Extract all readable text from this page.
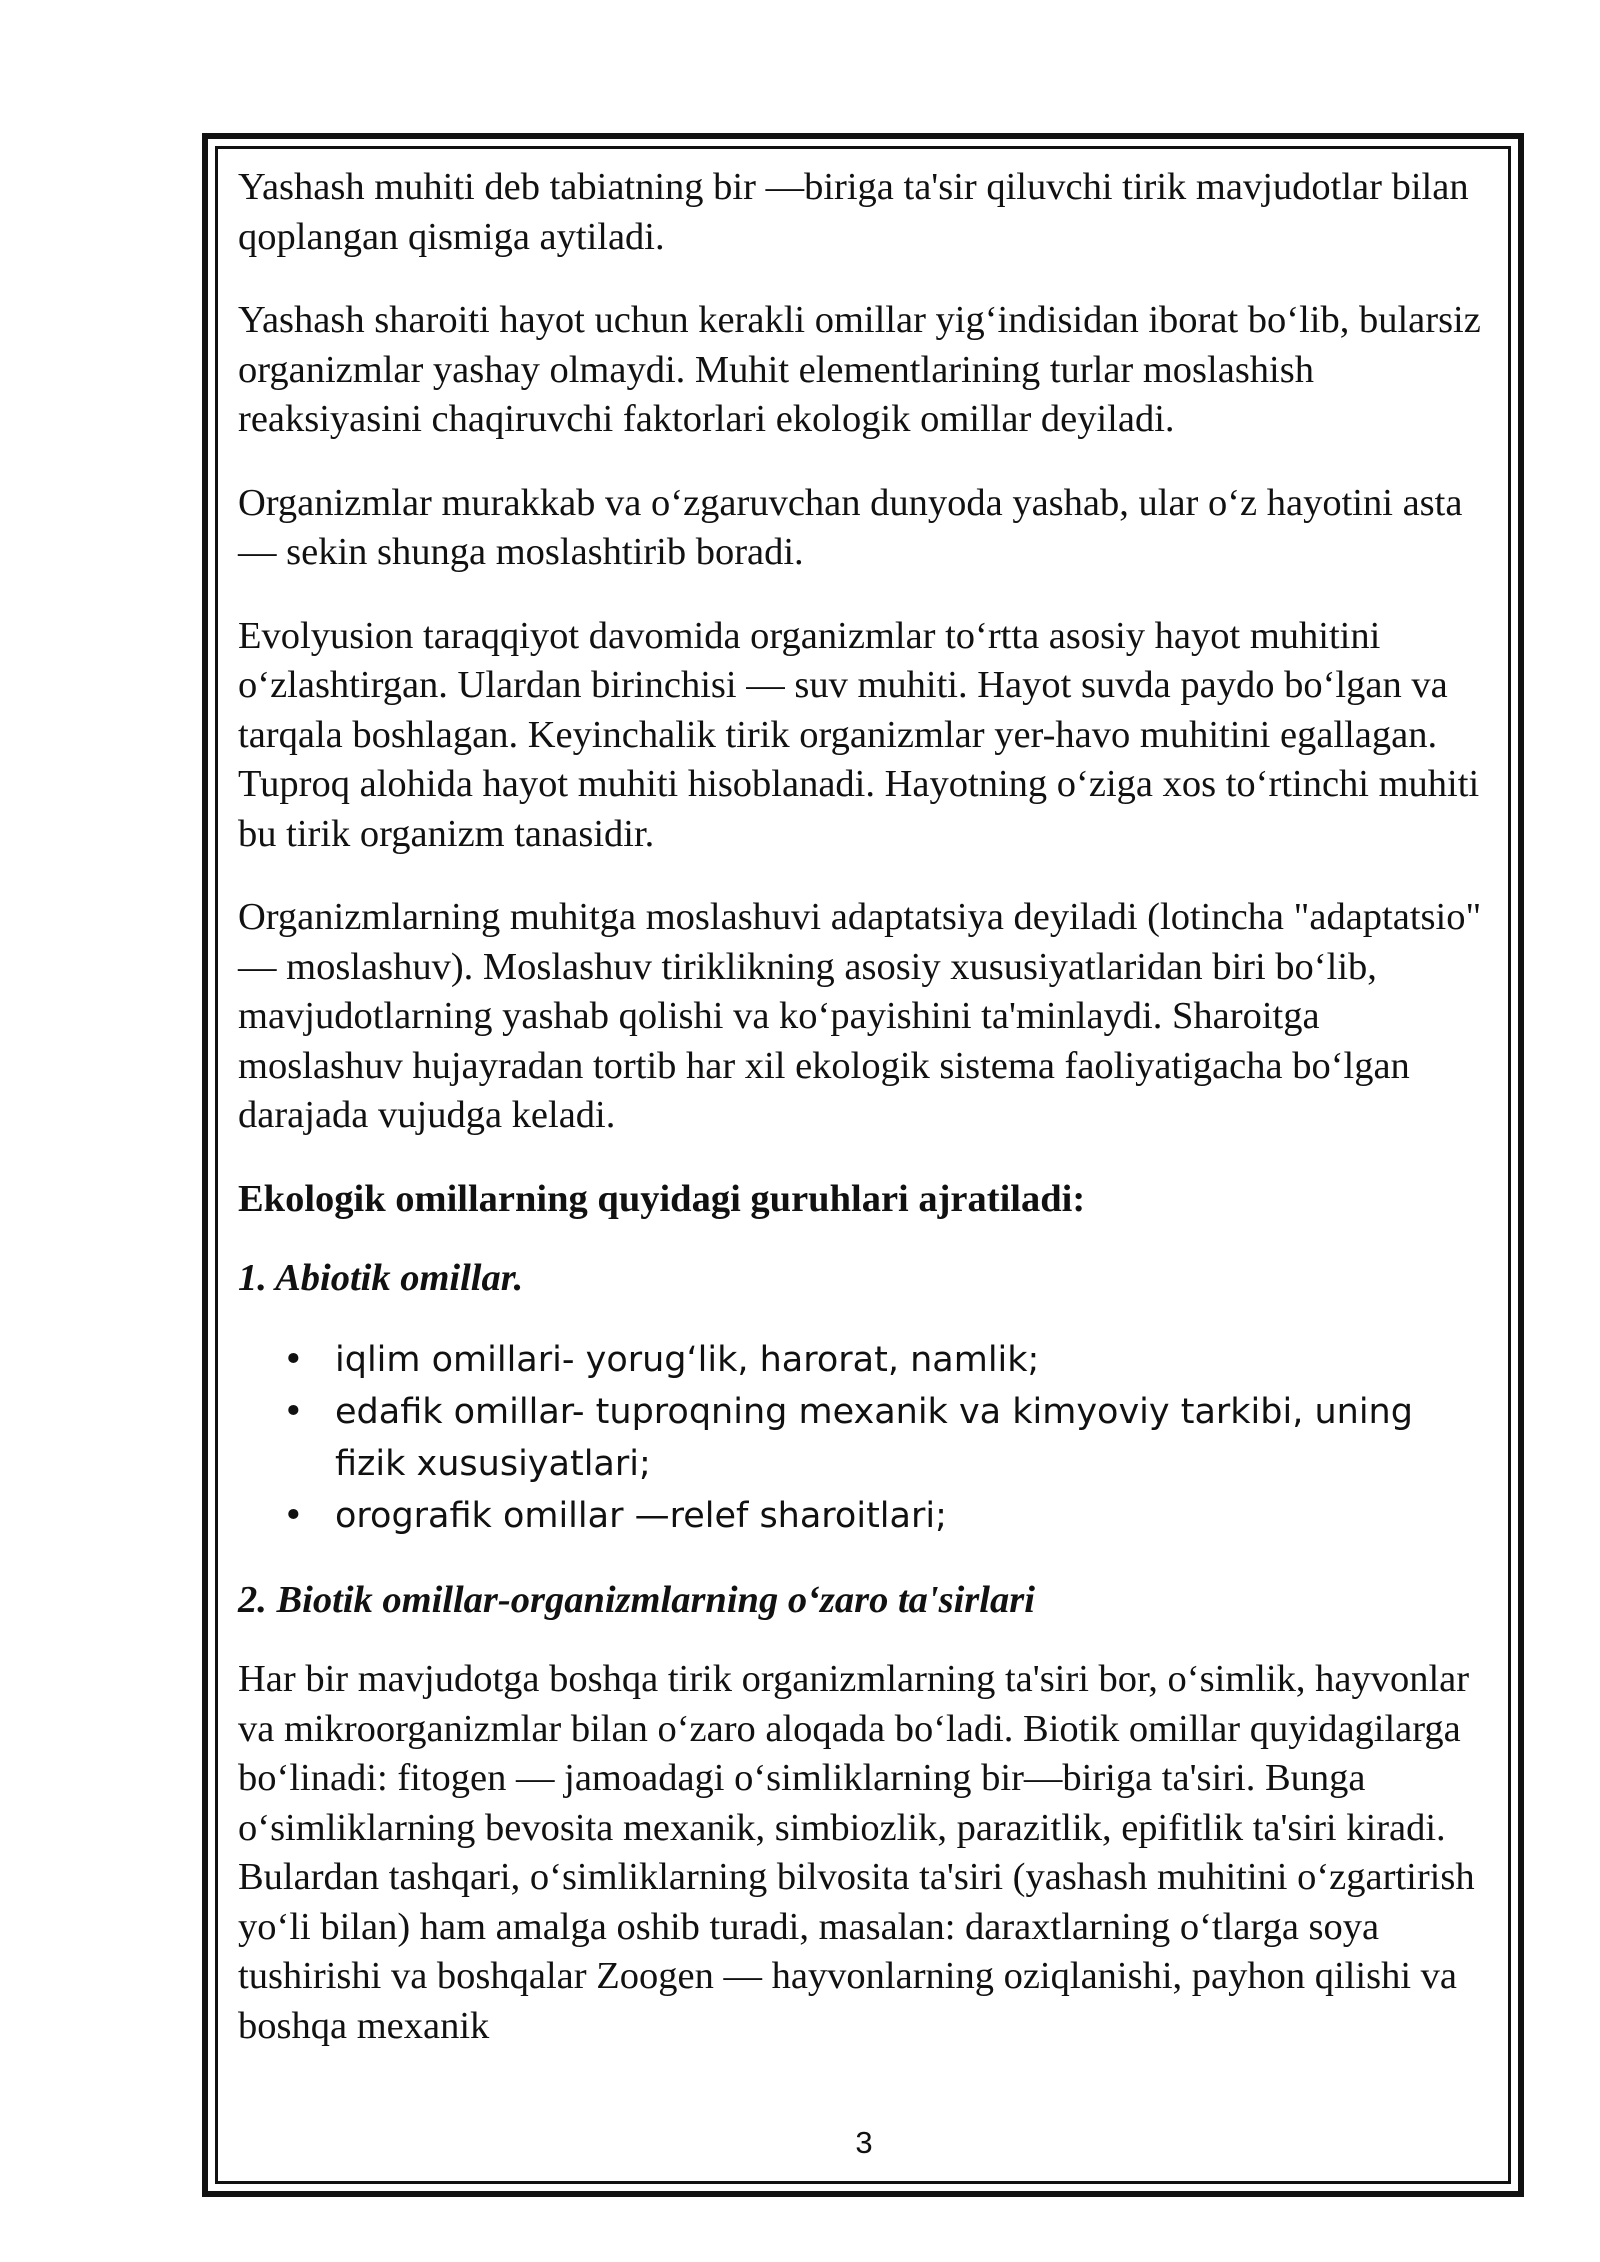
Yashash muhiti deb tabiatning bir —biriga ta'sir qiluvchi tirik mavjudotlar bilan qoplangan qismiga aytiladi.

Yashash sharoiti hayot uchun kerakli omillar yig‘indisidan iborat bo‘lib, bularsiz organizmlar yashay olmaydi. Muhit elementlarining turlar moslashish reaksiyasini chaqiruvchi faktorlari ekologik omillar deyiladi.

Organizmlar murakkab va o‘zgaruvchan dunyoda yashab, ular o‘z hayotini asta — sekin shunga moslashtirib boradi.

Evolyusion taraqqiyot davomida organizmlar to‘rtta asosiy hayot muhitini o‘zlashtirgan. Ulardan birinchisi — suv muhiti. Hayot suvda paydo bo‘lgan va tarqala boshlagan. Keyinchalik tirik organizmlar yer-havo muhitini egallagan. Tuproq alohida hayot muhiti hisoblanadi. Hayotning o‘ziga xos to‘rtinchi muhiti bu tirik organizm tanasidir.

Organizmlarning muhitga moslashuvi adaptatsiya deyiladi (lotincha "adaptatsio" — moslashuv). Moslashuv tiriklikning asosiy xususiyatlaridan biri bo‘lib, mavjudotlarning yashab qolishi va ko‘payishini ta'minlaydi. Sharoitga moslashuv hujayradan tortib har xil ekologik sistema faoliyatigacha bo‘lgan darajada vujudga keladi.

Ekologik omillarning quyidagi guruhlari ajratiladi:

1. Abiotik omillar.

• iqlim omillari- yorug‘lik, harorat, namlik;
• edafik omillar- tuproqning mexanik va kimyoviy tarkibi, uning fizik xususiyatlari;
• orografik omillar —relef sharoitlari;

2. Biotik omillar-organizmlarning o‘zaro ta'sirlari

Har bir mavjudotga boshqa tirik organizmlarning ta'siri bor, o‘simlik, hayvonlar va mikroorganizmlar bilan o‘zaro aloqada bo‘ladi. Biotik omillar quyidagilarga bo‘linadi: fitogen — jamoadagi o‘simliklarning bir—biriga ta'siri. Bunga o‘simliklarning bevosita mexanik, simbiozlik, parazitlik, epifitlik ta'siri kiradi. Bulardan tashqari, o‘simliklarning bilvosita ta'siri (yashash muhitini o‘zgartirish yo‘li bilan) ham amalga oshib turadi, masalan: daraxtlarning o‘tlarga soya tushirishi va boshqalar Zoogen — hayvonlarning oziqlanishi, payhon qilishi va boshqa mexanik

3
